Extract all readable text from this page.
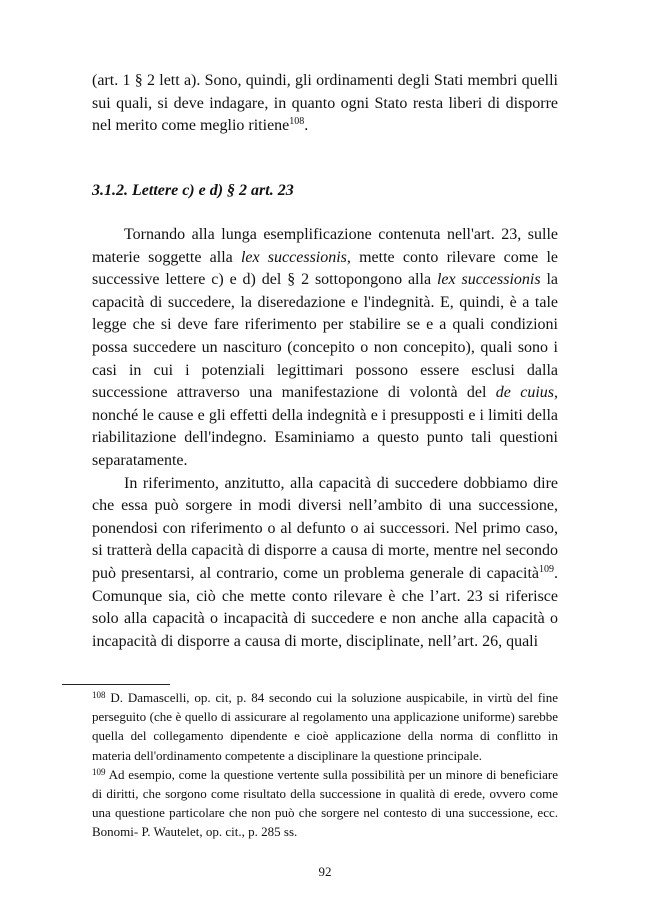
(art. 1 § 2 lett a). Sono, quindi, gli ordinamenti degli Stati membri quelli sui quali, si deve indagare, in quanto ogni Stato resta liberi di disporre nel merito come meglio ritiene$^{108}$.

3.1.2. Lettere c) e d) § 2 art. 23

Tornando alla lunga esemplificazione contenuta nell'art. 23, sulle materie soggette alla lex successionis, mette conto rilevare come le successive lettere c) e d) del § 2 sottopongono alla lex successionis la capacità di succedere, la diseredazione e l'indegnità. E, quindi, è a tale legge che si deve fare riferimento per stabilire se e a quali condizioni possa succedere un nascituro (concepito o non concepito), quali sono i casi in cui i potenziali legittimari possono essere esclusi dalla successione attraverso una manifestazione di volontà del de cuius, nonché le cause e gli effetti della indegnità e i presupposti e i limiti della riabilitazione dell'indegno. Esaminiamo a questo punto tali questioni separatamente.

In riferimento, anzitutto, alla capacità di succedere dobbiamo dire che essa può sorgere in modi diversi nell’ambito di una successione, ponendosi con riferimento o al defunto o ai successori. Nel primo caso, si tratterà della capacità di disporre a causa di morte, mentre nel secondo può presentarsi, al contrario, come un problema generale di capacità$^{109}$. Comunque sia, ciò che mette conto rilevare è che l’art. 23 si riferisce solo alla capacità o incapacità di succedere e non anche alla capacità o incapacità di disporre a causa di morte, disciplinate, nell’art. 26, quali

$^{108}$ D. Damascelli, op. cit, p. 84 secondo cui la soluzione auspicabile, in virtù del fine perseguito (che è quello di assicurare al regolamento una applicazione uniforme) sarebbe quella del collegamento dipendente e cioè applicazione della norma di conflitto in materia dell'ordinamento competente a disciplinare la questione principale.

$^{109}$ Ad esempio, come la questione vertente sulla possibilità per un minore di beneficiare di diritti, che sorgono come risultato della successione in qualità di erede, ovvero come una questione particolare che non può che sorgere nel contesto di una successione, ecc. Bonomi- P. Wautelet, op. cit., p. 285 ss.

92
